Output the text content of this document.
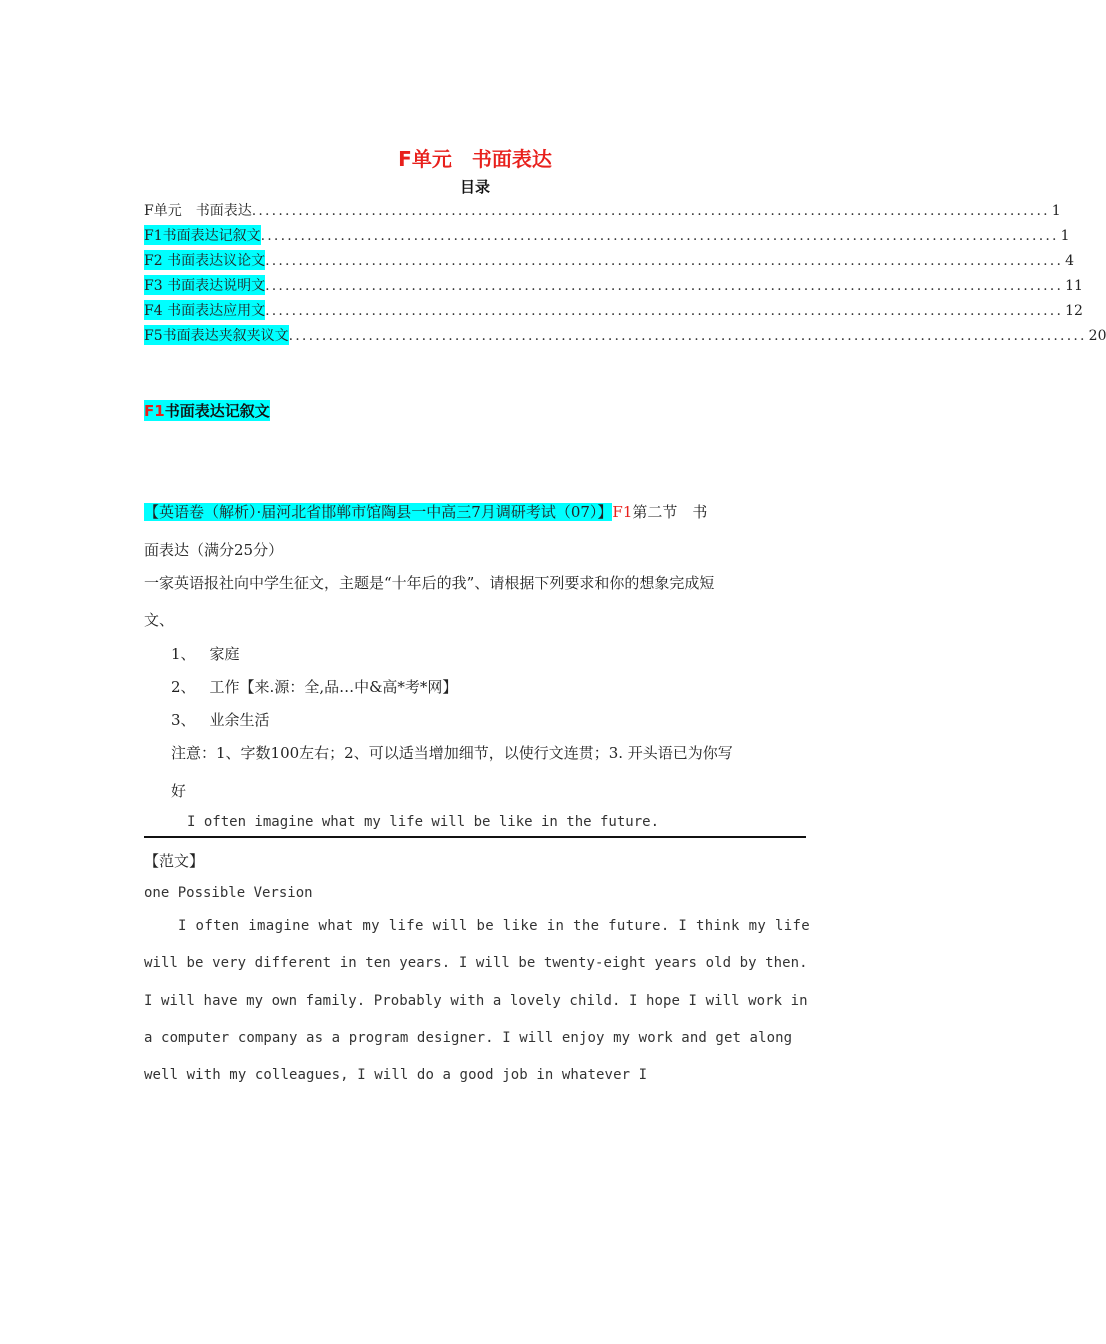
F单元　书面表达
目录
F单元　书面表达 ........................................................................................................................ 1
F1书面表达记叙文 ........................................................................................................................ 1
F2 书面表达议论文 ........................................................................................................................ 4
F3 书面表达说明文 ........................................................................................................................ 11
F4 书面表达应用文 ........................................................................................................................ 12
F5书面表达夹叙夹议文 ........................................................................................................................ 20
F1书面表达记叙文
【英语卷（解析）·届河北省邯郸市馆陶县一中高三7月调研考试（07）】F1第二节　书
面表达（满分25分）
一家英语报社向中学生征文，主题是“十年后的我”、请根据下列要求和你的想象完成短
文、
1、 家庭
2、 工作【来.源：全,品…中&高*考*网】
3、 业余生活
注意：1、字数100左右；2、可以适当增加细节，以使行文连贯；3. 开头语已为你写
好
I often imagine what my life will be like in the future.
【范文】
one Possible Version
I often imagine what my life will be like in the future. I think my life
will be very different in ten years. I will be twenty-eight years old by then.
I will have my own family. Probably with a lovely child. I hope I will work in
a computer company as a program designer. I will enjoy my work and get along
well with my colleagues, I will do a good job in whatever I
